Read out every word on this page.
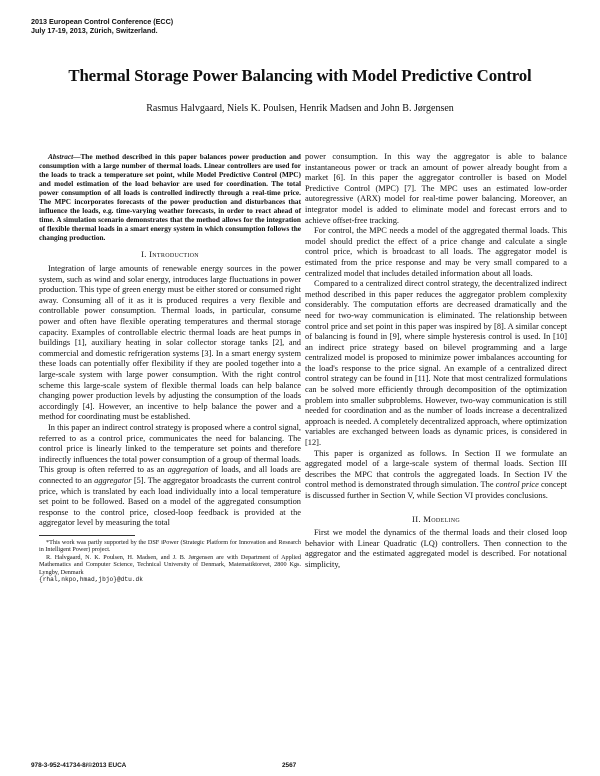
2013 European Control Conference (ECC)
July 17-19, 2013, Zürich, Switzerland.
Thermal Storage Power Balancing with Model Predictive Control
Rasmus Halvgaard, Niels K. Poulsen, Henrik Madsen and John B. Jørgensen
Abstract—The method described in this paper balances power production and consumption with a large number of thermal loads. Linear controllers are used for the loads to track a temperature set point, while Model Predictive Control (MPC) and model estimation of the load behavior are used for coordination. The total power consumption of all loads is controlled indirectly through a real-time price. The MPC incorporates forecasts of the power production and disturbances that influence the loads, e.g. time-varying weather forecasts, in order to react ahead of time. A simulation scenario demonstrates that the method allows for the integration of flexible thermal loads in a smart energy system in which consumption follows the changing production.
I. Introduction

Integration of large amounts of renewable energy sources in the power system, such as wind and solar energy, introduces large fluctuations in power production. This type of green energy must be either stored or consumed right away. Consuming all of it as it is produced requires a very flexible and controllable power consumption. Thermal loads, in particular, consume power and often have flexible operating temperatures and thermal storage capacity. Examples of controllable electric thermal loads are heat pumps in buildings [1], auxiliary heating in solar collector storage tanks [2], and commercial and domestic refrigeration systems [3]. In a smart energy system these loads can potentially offer flexibility if they are pooled together into a large-scale system with large power consumption. With the right control scheme this large-scale system of flexible thermal loads can help balance changing power production levels by adjusting the consumption of the loads accordingly [4]. However, an incentive to help balance the power and a method for coordinating must be established.

In this paper an indirect control strategy is proposed where a control signal, referred to as a control price, communicates the need for balancing. The control price is linearly linked to the temperature set points and therefore indirectly influences the total power consumption of a group of thermal loads. This group is often referred to as an aggregation of loads, and all loads are connected to an aggregator [5]. The aggregator broadcasts the current control price, which is translated by each load individually into a local temperature set point to be followed. Based on a model of the aggregated consumption response to the control price, closed-loop feedback is provided at the aggregator level by measuring the total

*This work was partly supported by the DSF iPower (Strategic Platform for Innovation and Research in Intelligent Power) project.

R. Halvgaard, N. K. Poulsen, H. Madsen, and J. B. Jørgensen are with Department of Applied Mathematics and Computer Science, Technical University of Denmark, Matematiktorvet, 2800 Kgs. Lyngby, Denmark

{rhal,nkpo,hmad,jbjo}@dtu.dk

power consumption. In this way the aggregator is able to balance instantaneous power or track an amount of power already bought from a market [6]. In this paper the aggregator controller is based on Model Predictive Control (MPC) [7]. The MPC uses an estimated low-order autoregressive (ARX) model for real-time power balancing. Moreover, an integrator model is added to eliminate model and forecast errors and to achieve offset-free tracking.

For control, the MPC needs a model of the aggregated thermal loads. This model should predict the effect of a price change and calculate a single control price, which is broadcast to all loads. The aggregator model is estimated from the price response and may be very small compared to a centralized model that includes detailed information about all loads.

Compared to a centralized direct control strategy, the decentralized indirect method described in this paper reduces the aggregator problem complexity considerably. The computation efforts are decreased dramatically and the need for two-way communication is eliminated. The relationship between control price and set point in this paper was inspired by [8]. A similar concept of balancing is found in [9], where simple hysteresis control is used. In [10] an indirect price strategy based on bilevel programming and a large centralized model is proposed to minimize power imbalances accounting for the load's response to the price signal. An example of a centralized direct control strategy can be found in [11]. Note that most centralized formulations can be solved more efficiently through decomposition of the optimization problem into smaller subproblems. However, two-way communication is still needed for coordination and as the number of loads increase a decentralized approach is needed. A completely decentralized approach, where optimization variables are exchanged between loads as dynamic prices, is considered in [12].

This paper is organized as follows. In Section II we formulate an aggregated model of a large-scale system of thermal loads. Section III describes the MPC that controls the aggregated loads. In Section IV the control method is demonstrated through simulation. The control price concept is discussed further in Section V, while Section VI provides conclusions.

II. Modeling

First we model the dynamics of the thermal loads and their closed loop behavior with Linear Quadratic (LQ) controllers. Then connection to the aggregator and the estimated aggregated model is described. For notational simplicity,

978-3-952-41734-8/©2013 EUCA	2567
